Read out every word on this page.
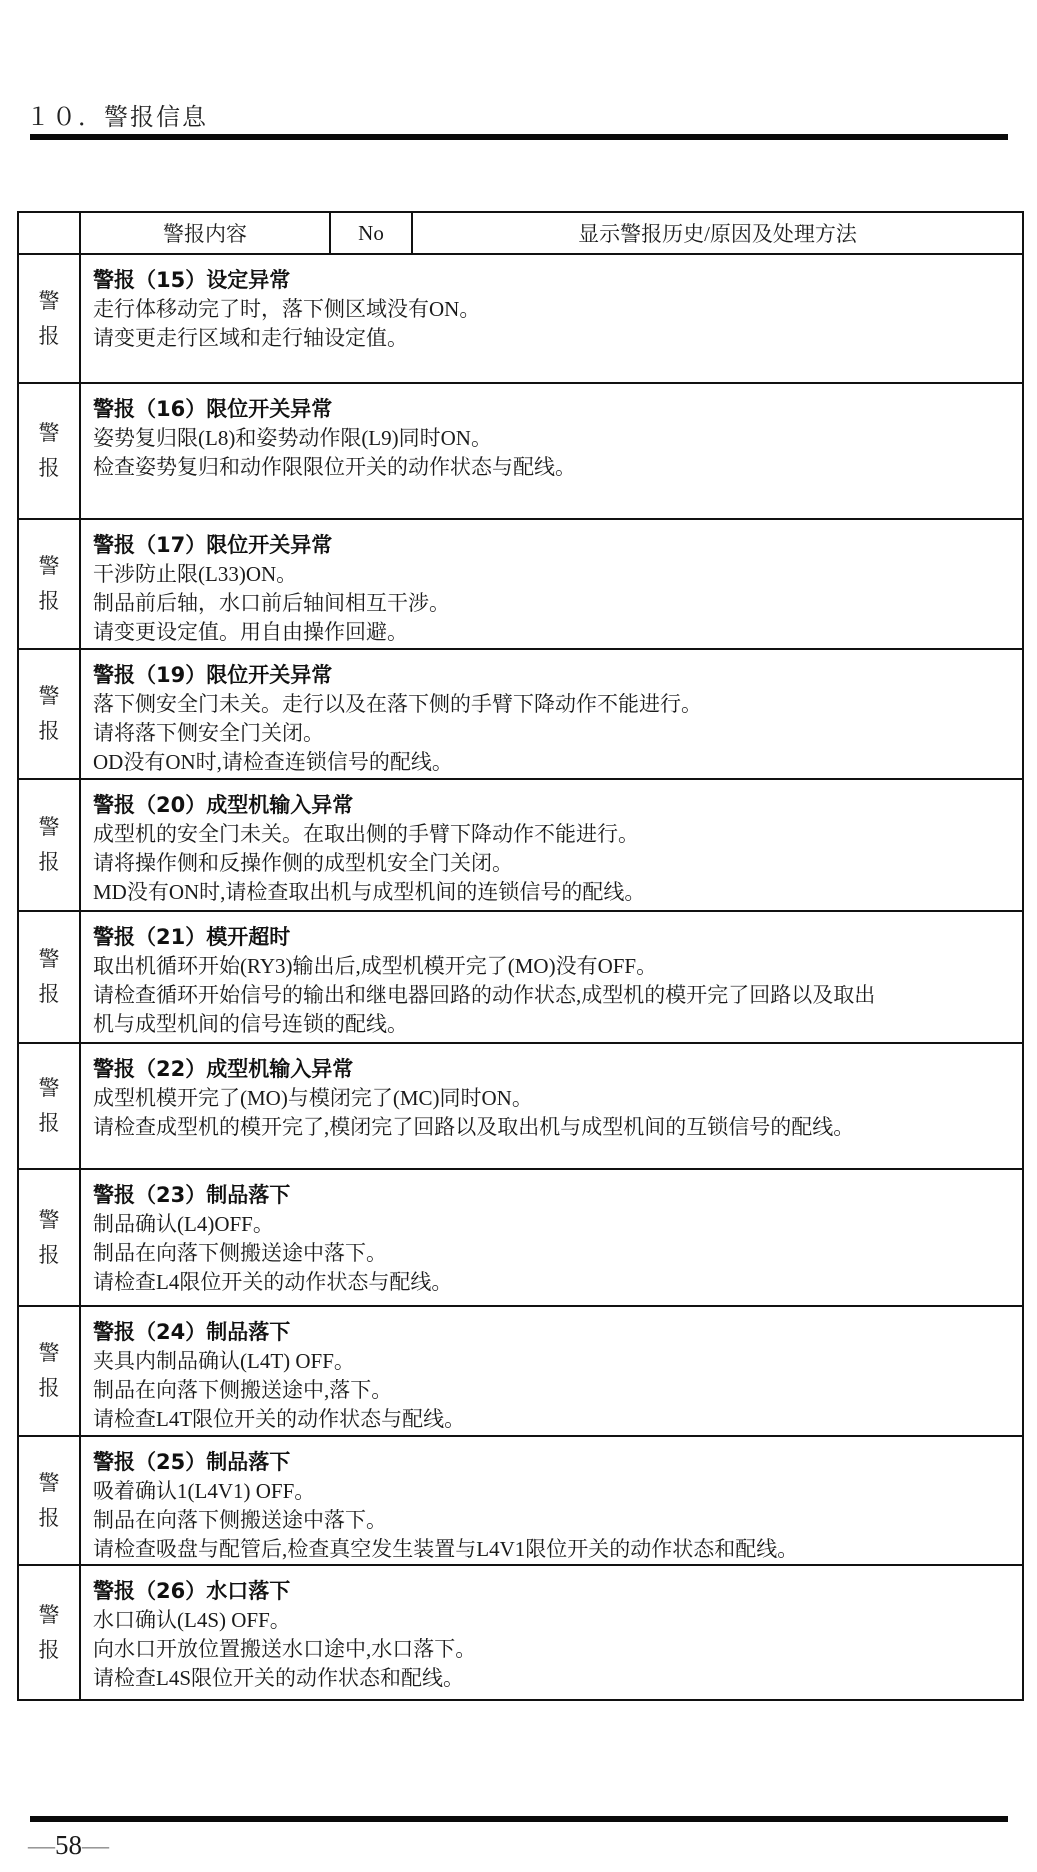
１０．警报信息
	警报内容	No	显示警报历史/原因及处理方法

警
报

警报（15）设定异常
走行体移动完了时，落下侧区域没有ON。
请变更走行区域和走行轴设定值。

警
报

警报（16）限位开关异常
姿势复归限(L8)和姿势动作限(L9)同时ON。
检查姿势复归和动作限限位开关的动作状态与配线。

警
报

警报（17）限位开关异常
干涉防止限(L33)ON。
制品前后轴，水口前后轴间相互干涉。
请变更设定值。用自由操作回避。

警
报

警报（19）限位开关异常
落下侧安全门未关。走行以及在落下侧的手臂下降动作不能进行。
请将落下侧安全门关闭。
OD没有ON时,请检查连锁信号的配线。

警
报

警报（20）成型机输入异常
成型机的安全门未关。在取出侧的手臂下降动作不能进行。
请将操作侧和反操作侧的成型机安全门关闭。
MD没有ON时,请检查取出机与成型机间的连锁信号的配线。

警
报

警报（21）模开超时
取出机循环开始(RY3)输出后,成型机模开完了(MO)没有OFF。
请检查循环开始信号的输出和继电器回路的动作状态,成型机的模开完了回路以及取出
机与成型机间的信号连锁的配线。

警
报

警报（22）成型机输入异常
成型机模开完了(MO)与模闭完了(MC)同时ON。
请检查成型机的模开完了,模闭完了回路以及取出机与成型机间的互锁信号的配线。

警
报

警报（23）制品落下
制品确认(L4)OFF。
制品在向落下侧搬送途中落下。
请检查L4限位开关的动作状态与配线。

警
报

警报（24）制品落下
夹具内制品确认(L4T) OFF。
制品在向落下侧搬送途中,落下。
请检查L4T限位开关的动作状态与配线。

警
报

警报（25）制品落下
吸着确认1(L4V1) OFF。
制品在向落下侧搬送途中落下。
请检查吸盘与配管后,检查真空发生装置与L4V1限位开关的动作状态和配线。

警
报

警报（26）水口落下
水口确认(L4S) OFF。
向水口开放位置搬送水口途中,水口落下。
请检查L4S限位开关的动作状态和配线。
—58—
